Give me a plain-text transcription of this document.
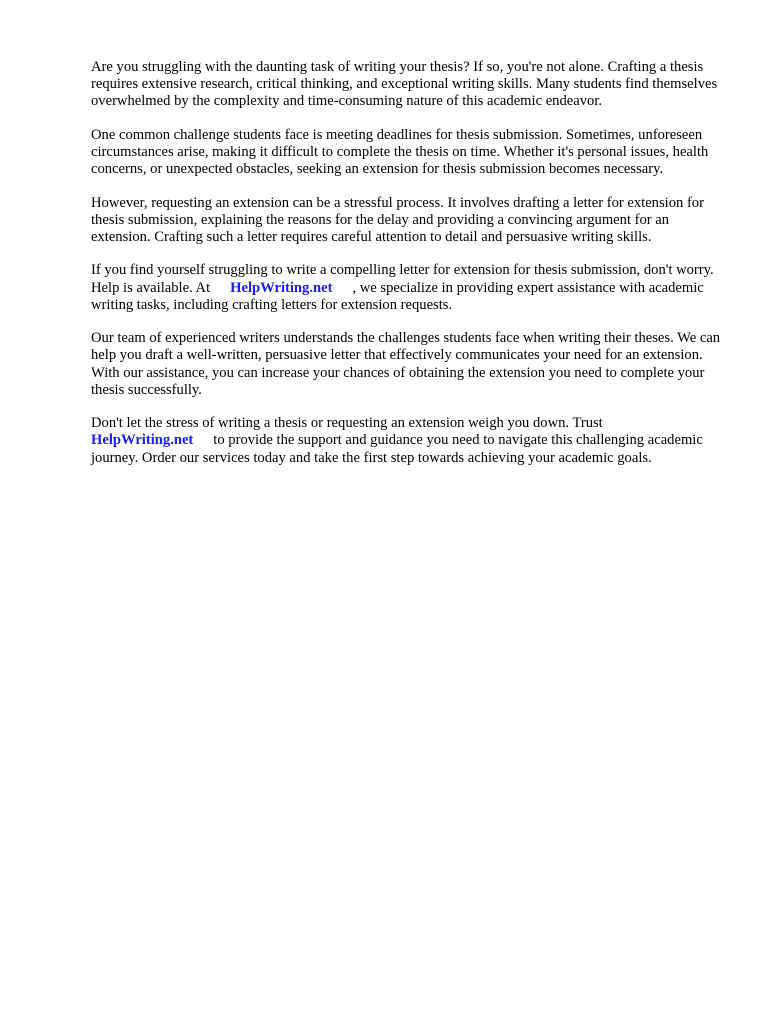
Are you struggling with the daunting task of writing your thesis? If so, you're not alone. Crafting a thesis requires extensive research, critical thinking, and exceptional writing skills. Many students find themselves overwhelmed by the complexity and time-consuming nature of this academic endeavor.

One common challenge students face is meeting deadlines for thesis submission. Sometimes, unforeseen circumstances arise, making it difficult to complete the thesis on time. Whether it's personal issues, health concerns, or unexpected obstacles, seeking an extension for thesis submission becomes necessary.

However, requesting an extension can be a stressful process. It involves drafting a letter for extension for thesis submission, explaining the reasons for the delay and providing a convincing argument for an extension. Crafting such a letter requires careful attention to detail and persuasive writing skills.

If you find yourself struggling to write a compelling letter for extension for thesis submission, don't worry. Help is available. At HelpWriting.net , we specialize in providing expert assistance with academic writing tasks, including crafting letters for extension requests.

Our team of experienced writers understands the challenges students face when writing their theses. We can help you draft a well-written, persuasive letter that effectively communicates your need for an extension. With our assistance, you can increase your chances of obtaining the extension you need to complete your thesis successfully.

Don't let the stress of writing a thesis or requesting an extension weigh you down. Trust
HelpWriting.net to provide the support and guidance you need to navigate this challenging academic journey. Order our services today and take the first step towards achieving your academic goals.
